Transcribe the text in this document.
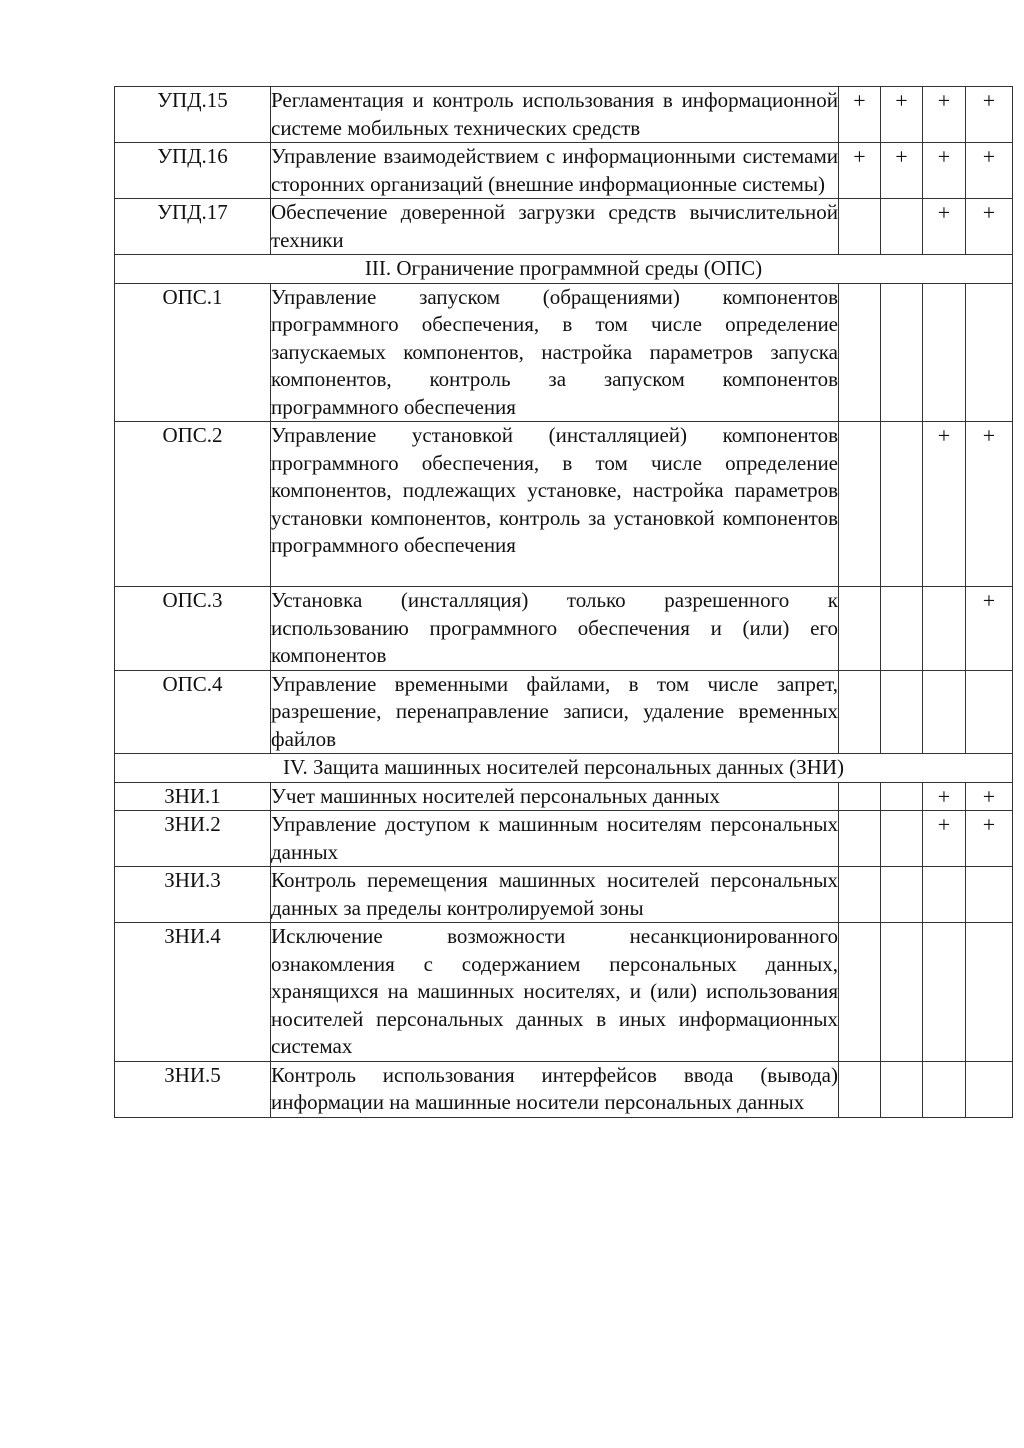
УПД.15	Регламентация и контроль использования в информационной системе мобильных технических средств	+	+	+	+
УПД.16	Управление взаимодействием с информационными системами сторонних организаций (внешние информационные системы)	+	+	+	+
УПД.17	Обеспечение доверенной загрузки средств вычислительной техники			+	+
III. Ограничение программной среды (ОПС)					
ОПС.1	Управление запуском (обращениями) компонентов программного обеспечения, в том числе определение запускаемых компонентов, настройка параметров запуска компонентов, контроль за запуском компонентов программного обеспечения				
ОПС.2	Управление установкой (инсталляцией) компонентов программного обеспечения, в том числе определение компонентов, подлежащих установке, настройка параметров установки компонентов, контроль за установкой компонентов программного обеспечения			+	+
ОПС.3	Установка (инсталляция) только разрешенного к использованию программного обеспечения и (или) его компонентов				+
ОПС.4	Управление временными файлами, в том числе запрет, разрешение, перенаправление записи, удаление временных файлов				
IV. Защита машинных носителей персональных данных (ЗНИ)					
ЗНИ.1	Учет машинных носителей персональных данных			+	+
ЗНИ.2	Управление доступом к машинным носителям персональных данных			+	+
ЗНИ.3	Контроль перемещения машинных носителей персональных данных за пределы контролируемой зоны				
ЗНИ.4	Исключение возможности несанкционированного ознакомления с содержанием персональных данных, хранящихся на машинных носителях, и (или) использования носителей персональных данных в иных информационных системах				
ЗНИ.5	Контроль использования интерфейсов ввода (вывода) информации на машинные носители персональных данных				
